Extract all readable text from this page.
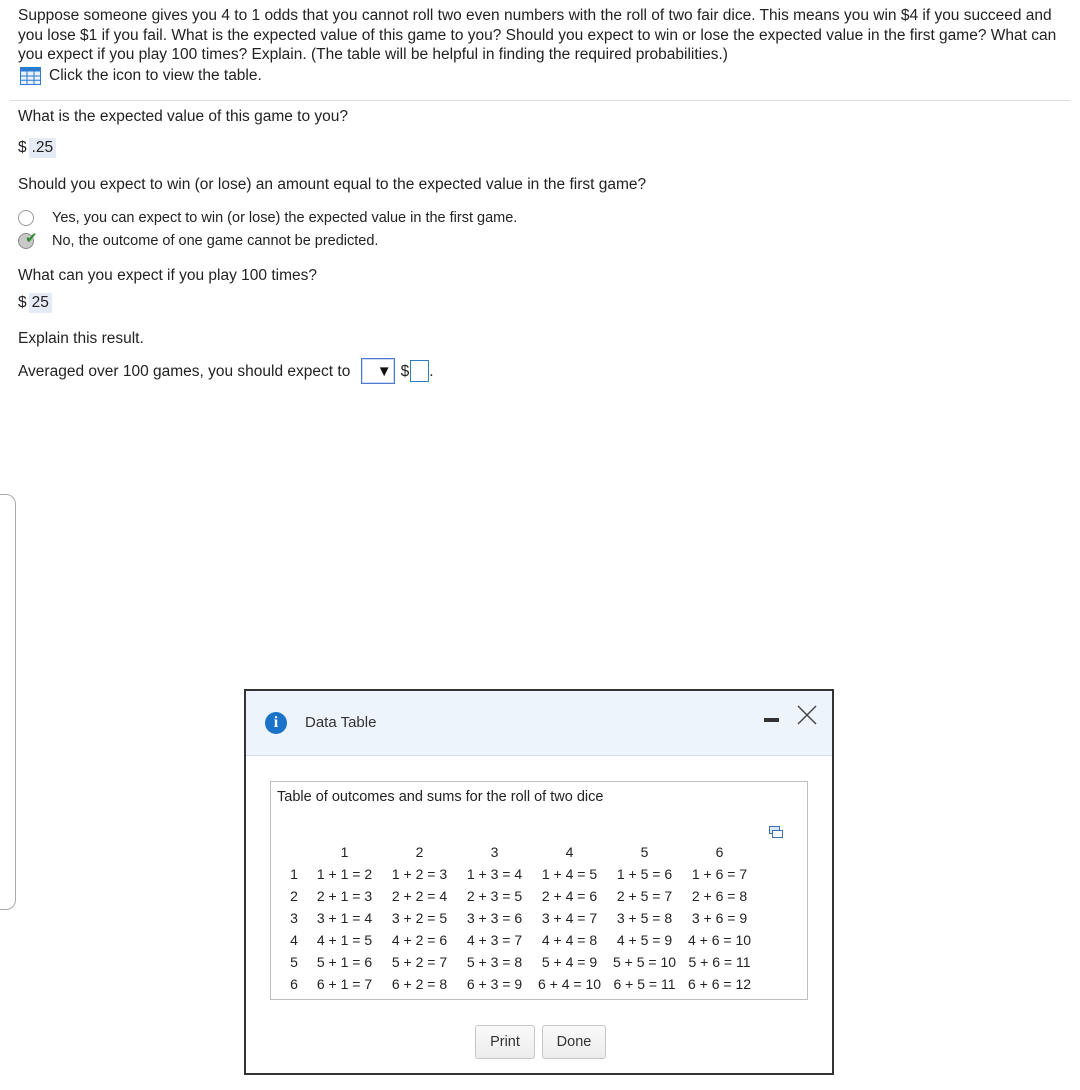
Suppose someone gives you 4 to 1 odds that you cannot roll two even numbers with the roll of two fair dice. This means you win $4 if you succeed and you lose $1 if you fail. What is the expected value of this game to you? Should you expect to win or lose the expected value in the first game? What can you expect if you play 100 times? Explain. (The table will be helpful in finding the required probabilities.)
Click the icon to view the table.
What is the expected value of this game to you?
$ .25
Should you expect to win (or lose) an amount equal to the expected value in the first game?
Yes, you can expect to win (or lose) the expected value in the first game.
✔ No, the outcome of one game cannot be predicted.
What can you expect if you play 100 times?
$ 25
Explain this result.
Averaged over 100 games, you should expect to ▼ $ .
i	Data Table
Table of outcomes and sums for the roll of two dice
	1	2	3	4	5	6
1	1 + 1 = 2	1 + 2 = 3	1 + 3 = 4	1 + 4 = 5	1 + 5 = 6	1 + 6 = 7
2	2 + 1 = 3	2 + 2 = 4	2 + 3 = 5	2 + 4 = 6	2 + 5 = 7	2 + 6 = 8
3	3 + 1 = 4	3 + 2 = 5	3 + 3 = 6	3 + 4 = 7	3 + 5 = 8	3 + 6 = 9
4	4 + 1 = 5	4 + 2 = 6	4 + 3 = 7	4 + 4 = 8	4 + 5 = 9	4 + 6 = 10
5	5 + 1 = 6	5 + 2 = 7	5 + 3 = 8	5 + 4 = 9	5 + 5 = 10	5 + 6 = 11
6	6 + 1 = 7	6 + 2 = 8	6 + 3 = 9	6 + 4 = 10	6 + 5 = 11	6 + 6 = 12
Print	Done
